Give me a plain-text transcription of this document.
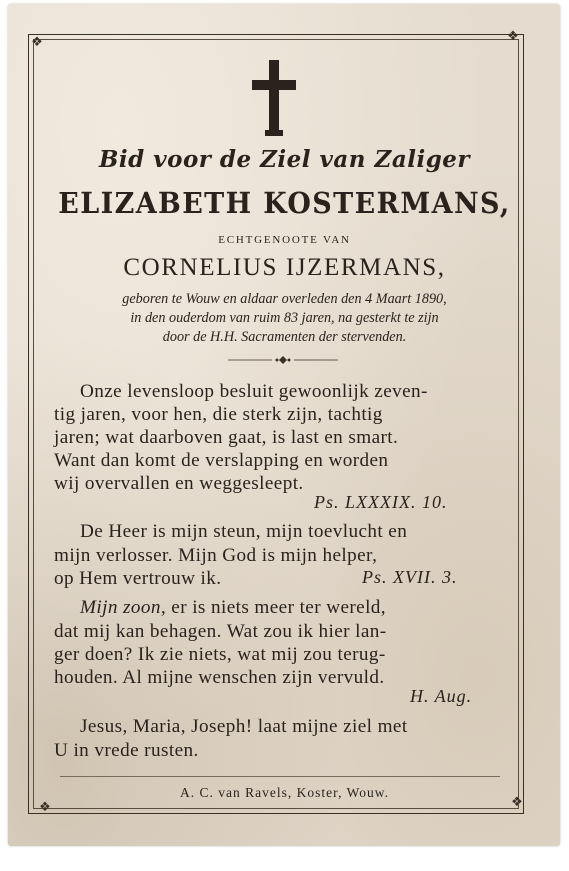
❖	❖
❖	❖
Bid voor de Ziel van Zaliger
ELIZABETH KOSTERMANS,
ECHTGENOOTE VAN
CORNELIUS IJZERMANS,
geboren te Wouw en aldaar overleden den 4 Maart 1890,
in den ouderdom van ruim 83 jaren, na gesterkt te zijn
door de H.H. Sacramenten der stervenden.
Onze levensloop besluit gewoonlijk zeven-
tig jaren, voor hen, die sterk zijn, tachtig
jaren; wat daarboven gaat, is last en smart.
Want dan komt de verslapping en worden
wij overvallen en weggesleept.
Ps. LXXXIX. 10.
De Heer is mijn steun, mijn toevlucht en
mijn verlosser. Mijn God is mijn helper,
op Hem vertrouw ik.	Ps. XVII. 3.
Mijn zoon, er is niets meer ter wereld,
dat mij kan behagen. Wat zou ik hier lan-
ger doen? Ik zie niets, wat mij zou terug-
houden. Al mijne wenschen zijn vervuld.
H. Aug.
Jesus, Maria, Joseph! laat mijne ziel met
U in vrede rusten.
A. C. van Ravels, Koster, Wouw.
